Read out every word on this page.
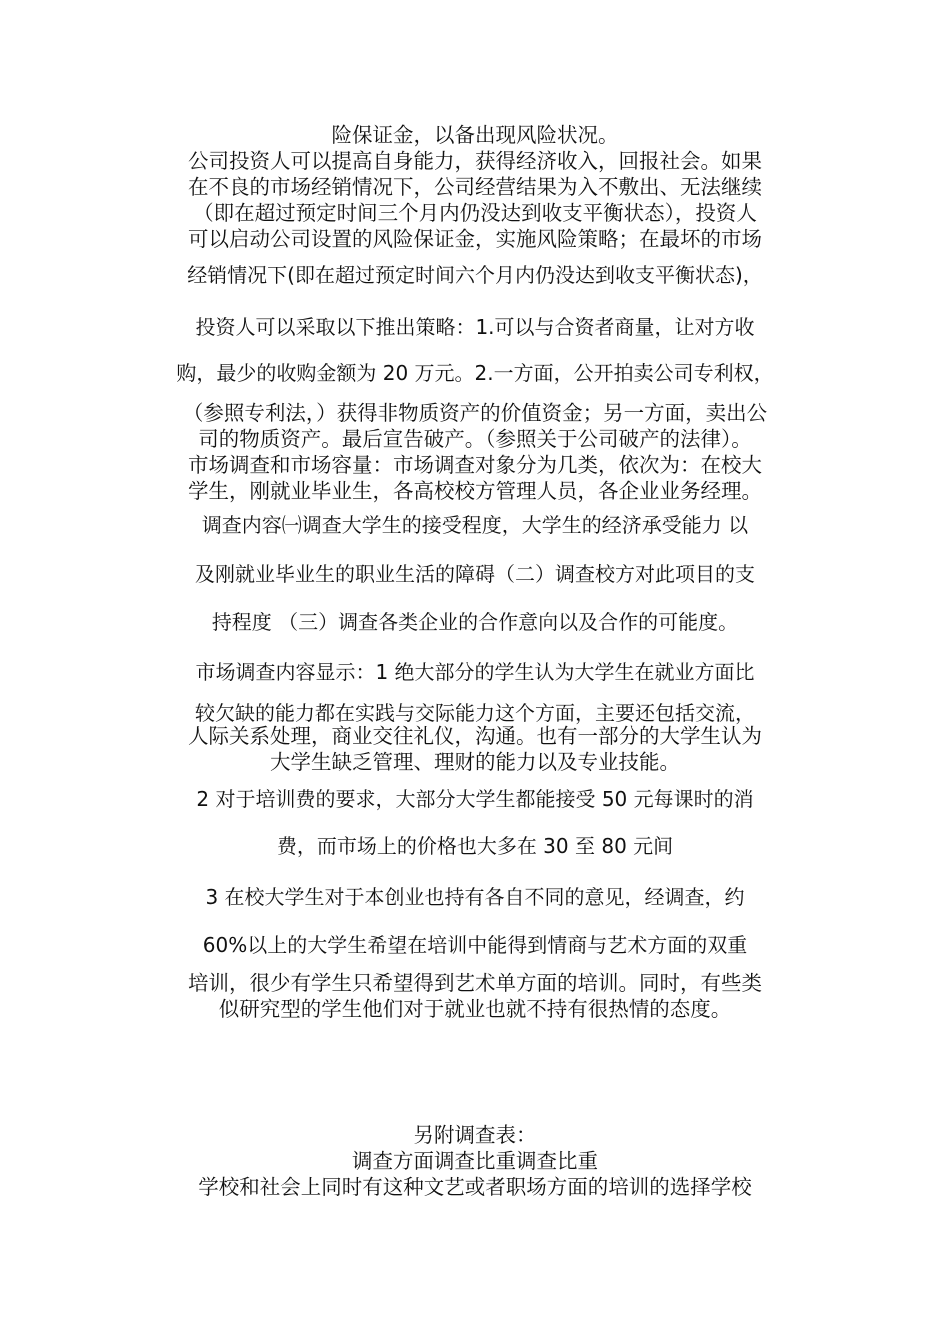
险保证金，以备出现风险状况。
公司投资人可以提高自身能力，获得经济收入，回报社会。如果
在不良的市场经销情况下，公司经营结果为入不敷出、无法继续
（即在超过预定时间三个月内仍没达到收支平衡状态），投资人
可以启动公司设置的风险保证金，实施风险策略；在最坏的市场
经销情况下(即在超过预定时间六个月内仍没达到收支平衡状态)，
投资人可以采取以下推出策略：1.可以与合资者商量，让对方收
购，最少的收购金额为 20 万元。2.一方面，公开拍卖公司专利权，
（参照专利法，）获得非物质资产的价值资金；另一方面，卖出公
司的物质资产。最后宣告破产。（参照关于公司破产的法律）。
市场调查和市场容量：市场调查对象分为几类，依次为：在校大
学生，刚就业毕业生，各高校校方管理人员，各企业业务经理。
调查内容㈠调查大学生的接受程度，大学生的经济承受能力 以
及刚就业毕业生的职业生活的障碍（二）调查校方对此项目的支
持程度 （三）调查各类企业的合作意向以及合作的可能度。
市场调查内容显示：1 绝大部分的学生认为大学生在就业方面比
较欠缺的能力都在实践与交际能力这个方面，主要还包括交流，
人际关系处理，商业交往礼仪，沟通。也有一部分的大学生认为
大学生缺乏管理、理财的能力以及专业技能。
2 对于培训费的要求，大部分大学生都能接受 50 元每课时的消
费，而市场上的价格也大多在 30 至 80 元间
3 在校大学生对于本创业也持有各自不同的意见，经调查，约
60%以上的大学生希望在培训中能得到情商与艺术方面的双重
培训，很少有学生只希望得到艺术单方面的培训。同时，有些类
似研究型的学生他们对于就业也就不持有很热情的态度。
另附调查表：
调查方面调查比重调查比重
学校和社会上同时有这种文艺或者职场方面的培训的选择学校
